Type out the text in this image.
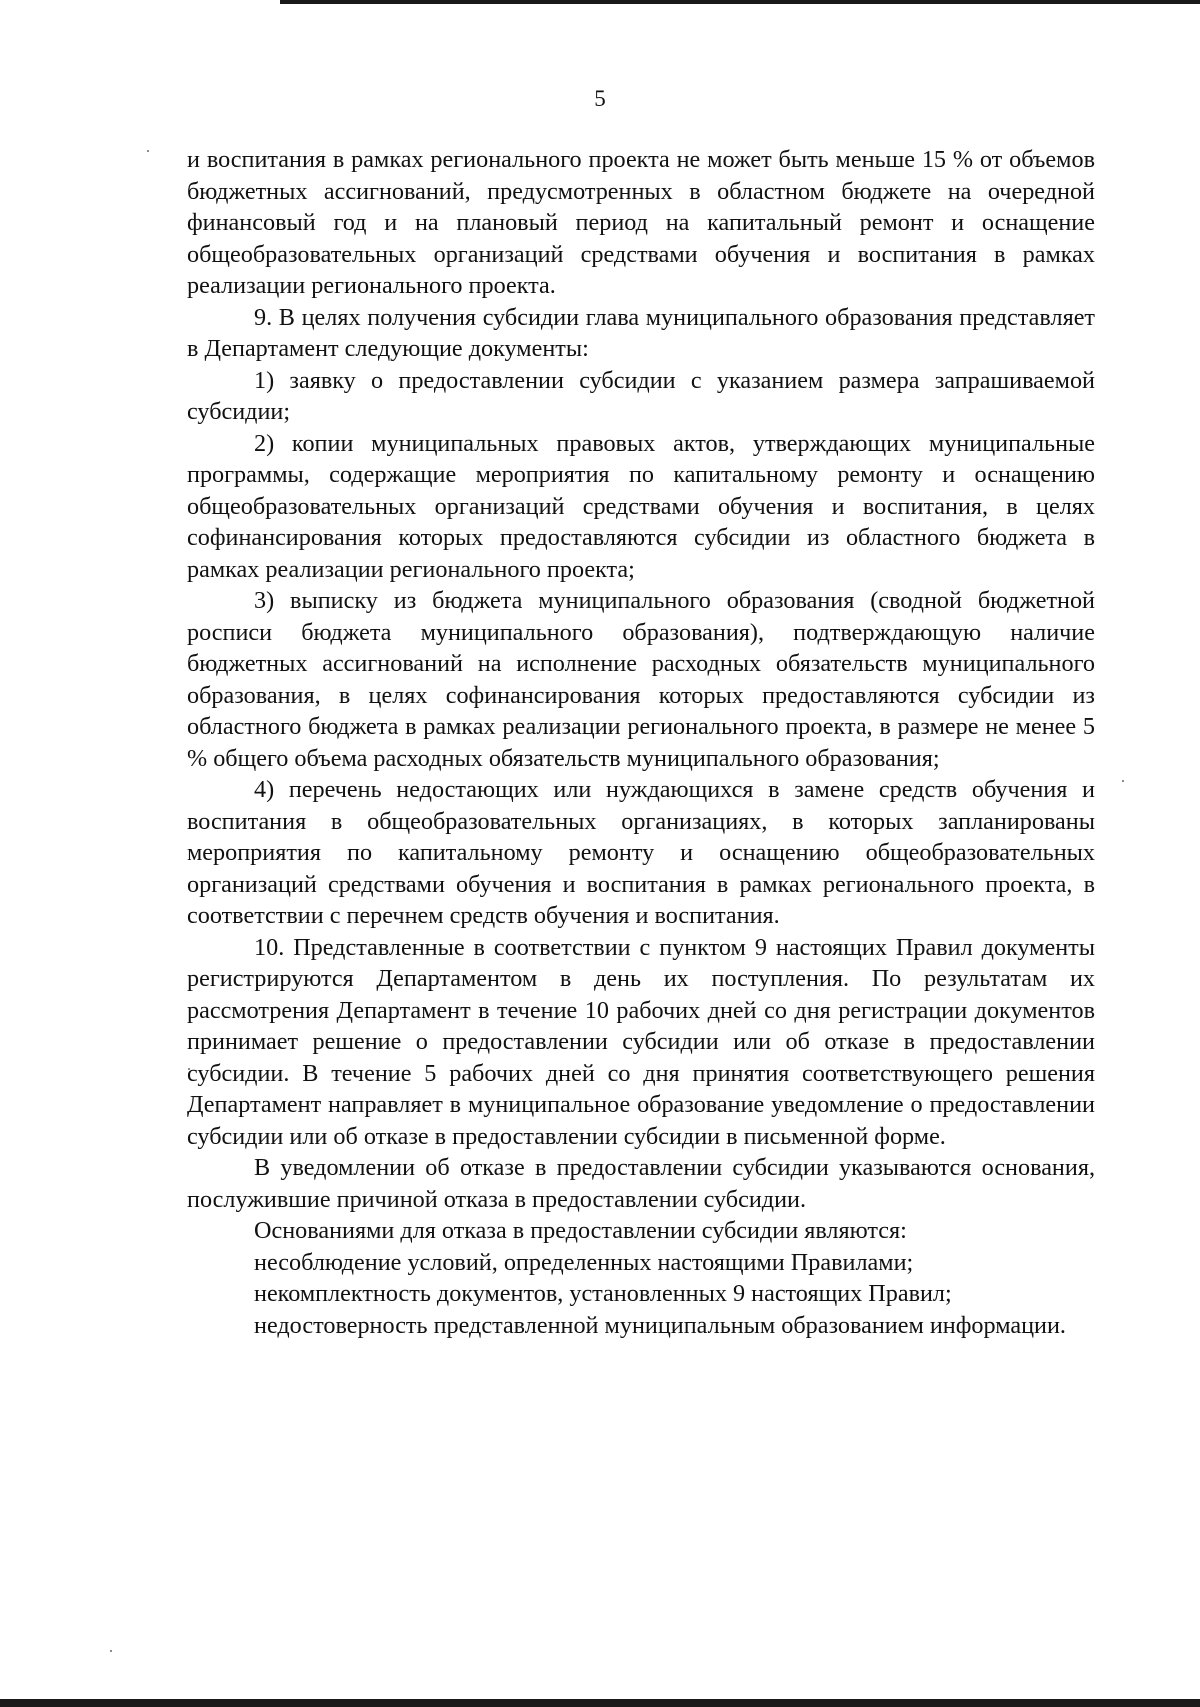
5

и воспитания в рамках регионального проекта не может быть меньше 15 % от объемов бюджетных ассигнований, предусмотренных в областном бюджете на очередной финансовый год и на плановый период на капитальный ремонт и оснащение общеобразовательных организаций средствами обучения и воспитания в рамках реализации регионального проекта.

9. В целях получения субсидии глава муниципального образования представляет в Департамент следующие документы:

1) заявку о предоставлении субсидии с указанием размера запрашиваемой субсидии;

2) копии муниципальных правовых актов, утверждающих муниципальные программы, содержащие мероприятия по капитальному ремонту и оснащению общеобразовательных организаций средствами обучения и воспитания, в целях софинансирования которых предоставляются субсидии из областного бюджета в рамках реализации регионального проекта;

3) выписку из бюджета муниципального образования (сводной бюджетной росписи бюджета муниципального образования), подтверждающую наличие бюджетных ассигнований на исполнение расходных обязательств муниципального образования, в целях софинансирования которых предоставляются субсидии из областного бюджета в рамках реализации регионального проекта, в размере не менее 5 % общего объема расходных обязательств муниципального образования;

4) перечень недостающих или нуждающихся в замене средств обучения и воспитания в общеобразовательных организациях, в которых запланированы мероприятия по капитальному ремонту и оснащению общеобразовательных организаций средствами обучения и воспитания в рамках регионального проекта, в соответствии с перечнем средств обучения и воспитания.

10. Представленные в соответствии с пунктом 9 настоящих Правил документы регистрируются Департаментом в день их поступления. По результатам их рассмотрения Департамент в течение 10 рабочих дней со дня регистрации документов принимает решение о предоставлении субсидии или об отказе в предоставлении субсидии. В течение 5 рабочих дней со дня принятия соответствующего решения Департамент направляет в муниципальное образование уведомление о предоставлении субсидии или об отказе в предоставлении субсидии в письменной форме.

В уведомлении об отказе в предоставлении субсидии указываются основания, послужившие причиной отказа в предоставлении субсидии.

Основаниями для отказа в предоставлении субсидии являются:

несоблюдение условий, определенных настоящими Правилами;

некомплектность документов, установленных 9 настоящих Правил;

недостоверность представленной муниципальным образованием информации.
